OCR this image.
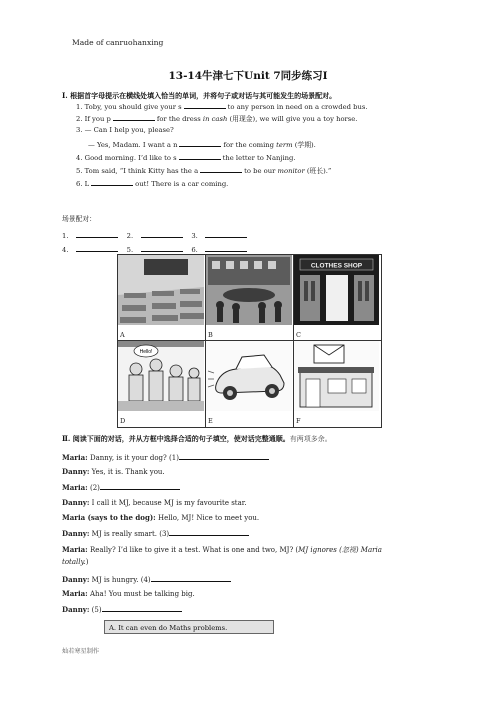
Made of canruohanxing
13-14牛津七下Unit 7同步练习Ⅰ
Ⅰ. 根据首字母提示在横线处填入恰当的单词，并将句子或对话与其可能发生的场景配对。
1. Toby, you should give your s	to any person in need on a crowded bus.
2. If you p	for the dress in cash (用现金), we will give you a toy horse.
3. — Can I help you, please?
— Yes, Madam. I want a n	for the coming term (学期).
4. Good morning. I’d like to s	the letter to Nanjing.
5. Tom said, “I think Kitty has the a	to be our monitor (班长).”
6. L	out! There is a car coming.
场景配对：
1.	2.	3.
4.	5.	6.
A	B
CLOTHES SHOP
C
Hello!
D	E	F
Ⅱ. 阅读下面的对话，并从方框中选择合适的句子填空，使对话完整通顺。有两项多余。
Maria: Danny, is it your dog? (1)
Danny: Yes, it is. Thank you.
Maria: (2)
Danny: I call it MJ, because MJ is my favourite star.
Maria (says to the dog): Hello, MJ! Nice to meet you.
Danny: MJ is really smart. (3)
Maria: Really? I’d like to give it a test. What is one and two, MJ? (MJ ignores (忽视) Maria
totally.)
Danny: MJ is hungry. (4)
Maria: Aha! You must be talking big.
Danny: (5)
A. It can even do Maths problems.
灿若寒星制作
